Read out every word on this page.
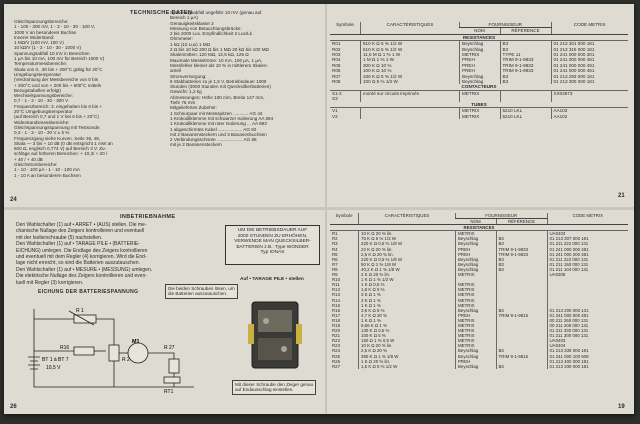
TECHNISCHE DATEN
Gleichspannungsbereiche:
1 - 100 - 300 mV, 1 - 3 - 10 - 30 - 100 V,
1000 V an besonderer Buchse
Innerer Widerstand:
1 MΩ/V (100 mV, 100 V)
10 kΩ/V (1 - 3 - 10 - 30 - 1000 V)
Spannungsabfall 10 mV in Bereichen
1 μA bis 10 mA, 100 mV für Bereich 1000 V)
Temperaturmessbereiche:
Skala von 0...30 bis + 200°C gültig für 20°C
Umgebungstemperatur
(Verdrahtung der Messbereiche von 0 bis
+ 200°C und von + 200 bis + 600°C mittels
Bezugstabellen erfolgt)
Wechselspannungsbereiche:
0,7 - 1 - 3 - 10 - 30 - 300 V
Frequenzbereich: 3, eingehalten bis 6 bis +
20°C Umgebungstemperatur
(auf Bereich 0,7 und 1 V bei 6 bis + 20°C)
Widerstandsmessbereiche:
Gleichspannungsspannung mit Testsonde:
0,3 - 1 - 3 - 10 - 30 V ± 5 %
Frequenzgang siehe Kurven. Seite 36, 48,
Skala — 3 bis + 10 dB (0 dB entspricht 1 mW an
600 Ω, englisch 0,774 V) auf Bereich 3 V. Zu-
schläge auf höheren Bereichen: + 10,3/ + 20 /
+ 40 / + 40 dB
Gleichstrombereiche:
1 - 10 - 100 μA - 1 - 10 - 100 mA
1 - 10 A an besonderen Buchsen
Spannungsabfall ungefähr 10 mV (genau auf
Bereich 1 μA)
Genauigkeitsklasse 2
Messung von Betauchtungsbrücke:
2 bis 2000 Lux. Empfindlichkeit 2 Lux/Lk
Ohmmeter:
1 kΩ (10 Lux) 1 MΩ
2 Ω bis 10 kΩ 200 Ω bis 1 MΩ 20 kΩ bis 100 MΩ
Skalenmitten: 120 MΩ, 12,5 kΩ, 125 Ω
Maximale Messströme: 10 mA, 100 μA, 1 μA,
Messfehler kleiner als 10 % in mittlerem Skalen-
anteil
Stromversorgung:
6 Stabbatterien zu je 1,5 V, Betriebsdauer 1000
Stunden (3000 Stunden mit Quecksilberbatterien)
Gewicht: 1,2 kg
Abmessungen: Höhe 100 mm, Breite 147 mm,
Tiefe 75 mm
Mitgeliefertes Zubehör:
1 Schnurpaar mit Messspitzen ............ AG 44
1 Krokodilklemme mit schwarzer Isolierung AA 894
1 Krokodilklemme mit roter Isolierung ... AA 893
1 abgeschirmtes Kabel ................... AG 82
mit 2 Bananensteckern und 3 Bananenbuchsen
2 Verbindungsschnüre .................... AG 68
mit je 2 Bananensteckern
24
Symbole	CARACTÉRISTIQUES	FOURNISSEUR		CODE METRIX
		NOM	RÉFÉRENCE	
RESISTANCES				
R01	810 K Ω 5 % 1/2 W	Beyschlag	B3	01 213 301 000 181
R02	610 K Ω 5 % 1/2 W	Beyschlag	B3	01 213 315 000 181
R03	11,5 M Ω 1 % 1 W	METRIX	TYPE 11	01 241 000 000 301
R04	1 M Ω 1 % 1 W	PREH	TRIM 9-1-9833	01 241 000 000 481
R05	300 K Ω 10 %	PREH	TRIM 9-1-9833	01 241 000 000 491
R06	100 K Ω 10 %	PREH	TRIM 9-1-9833	01 241 000 000 461
R07	330 K Ω 5 % 1/2 W	Beyschlag	B3	01 213 293 000 181
R08	100 Ω 5 % 1/2 W	Beyschlag	B3	01 213 300 000 181
CONTACTEURS				
S1-2	monté sur circuits imprimés	METRIX		XX03673
S3				
TUBES				
V1		METRIX	5210 LKL	AA103
V2		METRIX	5210 LKL	AA102
21
INBETRIEBNAHME
Den Wahlschalter (1) auf • ARRET • (AUS) stellen. Die me-
chanische Nullage des Zeigers kontrollieren und eventuell
mit der Isolierschraube (5) nachstellen.
Den Wahlschalter (1) auf • TARAGE PILE • (BATTERIE-
EICHUNG) umlegen. Die Endlage des Zeigers kontrollieren
und eventuell mit dem Regler (4) korrigieren. Wird die End-
lage nicht erreicht, so sind die Batterien auszutauschen.
Den Wahlschalter (1) auf • MESURE • (MESSUNG) umlegen.
Die elektrische Nullage des Zeigers kontrollieren und even-
tuell mit Regler (3) korrigieren.
UM DIE BETRIEBSDAUER AUF
2000 STUNDEN ZU ERHÖHEN,
VERWENDE MAN QUECKSILBER-
BATTERIEN z.B.: Type WONDER
Typ IONAS
EICHUNG DER BATTERIESPANNUNG
Auf • TARAGE PILE • stellen
Die beiden Schrauben lösen, um
die Batterien auszutauschen.
Mit dieser Schraube den Zeiger genau
auf Endausschlag einstellen.
R 1
R16
M1
R 2
R 27
BT 1 à BT 7
10,5 V
RT1
26
Symbole	CARACTÉRISTIQUES	FOURNISSEUR		CODE METRIX
		NOM	RÉFÉRENCE	
RESISTANCES				
R1	10 K Ω 20 % lin.	METRIX		UA0403
R2	75 K Ω 5 % 1/2 W	Beyschlag	B3	01 213 307 000 181
R3	220 K Ω 0,5 % 1/8 W	Beyschlag	B3	01 211 222 000 131
R4	22 K Ω 20 % lin.	PREH	TRIM 9-1-9833	01 241 000 000 481
R5	2,5 K Ω 20 % lin.	PREH	TRIM 9-1-9833	01 241 000 200 481
R6	220 K Ω 0,5 % 1/8 W	Beyschlag	B3	01 211 222 000 131
R7	50 K Ω 1 % 1/8 W	Beyschlag	B3	01 211 150 000 131
R8	40,2 K Ω 1 % 1/8 W	Beyschlag	B3	01 211 104 000 131
R9	2 K Ω 20 % lin.	METRIX		UA0305
R10	1 K Ω 1 % 1/2 W			
R11	1 K Ω 0,5 %	METRIX		
R12	1,8 K Ω 5 %	METRIX		
R13	3 K Ω 1 %	METRIX		
R14	3 K Ω 1 %	METRIX		
R15	1 K Ω 1 %	METRIX		
R16	3,9 K Ω 5 %	Beyschlag	B3	01 213 200 000 131
R17	4,7 K Ω 20 %	PREH	TRIM 9-1-9815	01 241 000 000 481
R18	1 K Ω 1 %	METRIX		00 211 260 000 131
R19	8,66 K Ω 1 %	METRIX		00 211 206 000 131
R20	130 K Ω 0,5 %	METRIX		01 211 330 000 131
R21	100 K Ω 5 %	METRIX		01 211 300 000 131
R22	150 Ω 1 % 0,5 W	METRIX		UA0403
R23	10 K Ω 20 % lin.	METRIX		UA0404
R24	2,5 K Ω 20 %	Beyschlag	B3	01 213 339 000 181
R25	390 K Ω 1 % 1/8 W	Beyschlag	TRIM 9-1-9815	01 241 000 100 508
R26	1 K Ω 20 % lin.	PREH		01 213 400 000 181
R27	1,5 K Ω 5 % 1/2 W	Beyschlag	B3	01 213 339 000 181
19
